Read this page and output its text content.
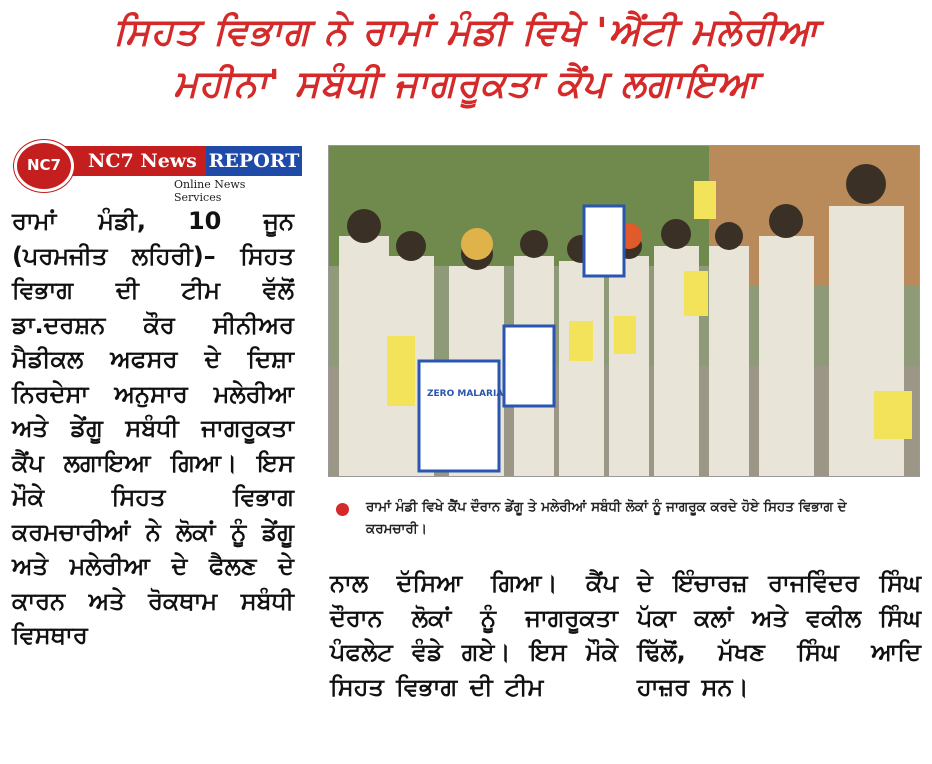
ਸਿਹਤ ਵਿਭਾਗ ਨੇ ਰਾਮਾਂ ਮੰਡੀ ਵਿਖੇ 'ਐਂਟੀ ਮਲੇਰੀਆ
ਮਹੀਨਾ' ਸਬੰਧੀ ਜਾਗਰੂਕਤਾ ਕੈਂਪ ਲਗਾਇਆ
NC7 News REPORT
NC7
Online News Services
ਰਾਮਾਂ ਮੰਡੀ, 10 ਜੂਨ (ਪਰਮਜੀਤ ਲਹਿਰੀ)– ਸਿਹਤ ਵਿਭਾਗ ਦੀ ਟੀਮ ਵੱਲੋਂ ਡਾ.ਦਰਸ਼ਨ ਕੌਰ ਸੀਨੀਅਰ ਮੈਡੀਕਲ ਅਫਸਰ ਦੇ ਦਿਸ਼ਾ ਨਿਰਦੇਸਾ ਅਨੁਸਾਰ ਮਲੇਰੀਆ ਅਤੇ ਡੇਂਗੂ ਸਬੰਧੀ ਜਾਗਰੂਕਤਾ ਕੈਂਪ ਲਗਾਇਆ ਗਿਆ। ਇਸ ਮੌਕੇ ਸਿਹਤ ਵਿਭਾਗ ਕਰਮਚਾਰੀਆਂ ਨੇ ਲੋਕਾਂ ਨੂੰ ਡੇਂਗੂ ਅਤੇ ਮਲੇਰੀਆ ਦੇ ਫੈਲਣ ਦੇ ਕਾਰਨ ਅਤੇ ਰੋਕਥਾਮ ਸਬੰਧੀ ਵਿਸਥਾਰ
ZERO MALARIA
ਰਾਮਾਂ ਮੰਡੀ ਵਿਖੇ ਕੈਂਪ ਦੌਰਾਨ ਡੇਂਗੂ ਤੇ ਮਲੇਰੀਆਂ ਸਬੰਧੀ ਲੋਕਾਂ ਨੂੰ ਜਾਗਰੂਕ ਕਰਦੇ ਹੋਏ ਸਿਹਤ ਵਿਭਾਗ ਦੇ ਕਰਮਚਾਰੀ।
ਨਾਲ ਦੱਸਿਆ ਗਿਆ। ਕੈਂਪ ਦੌਰਾਨ ਲੋਕਾਂ ਨੂੰ ਜਾਗਰੂਕਤਾ ਪੰਫਲੇਟ ਵੰਡੇ ਗਏ। ਇਸ ਮੌਕੇ ਸਿਹਤ ਵਿਭਾਗ ਦੀ ਟੀਮ
ਦੇ ਇੰਚਾਰਜ਼ ਰਾਜਵਿੰਦਰ ਸਿੰਘ ਪੱਕਾ ਕਲਾਂ ਅਤੇ ਵਕੀਲ ਸਿੰਘ ਢਿੱਲੋਂ, ਮੱਖਣ ਸਿੰਘ ਆਦਿ ਹਾਜ਼ਰ ਸਨ।
